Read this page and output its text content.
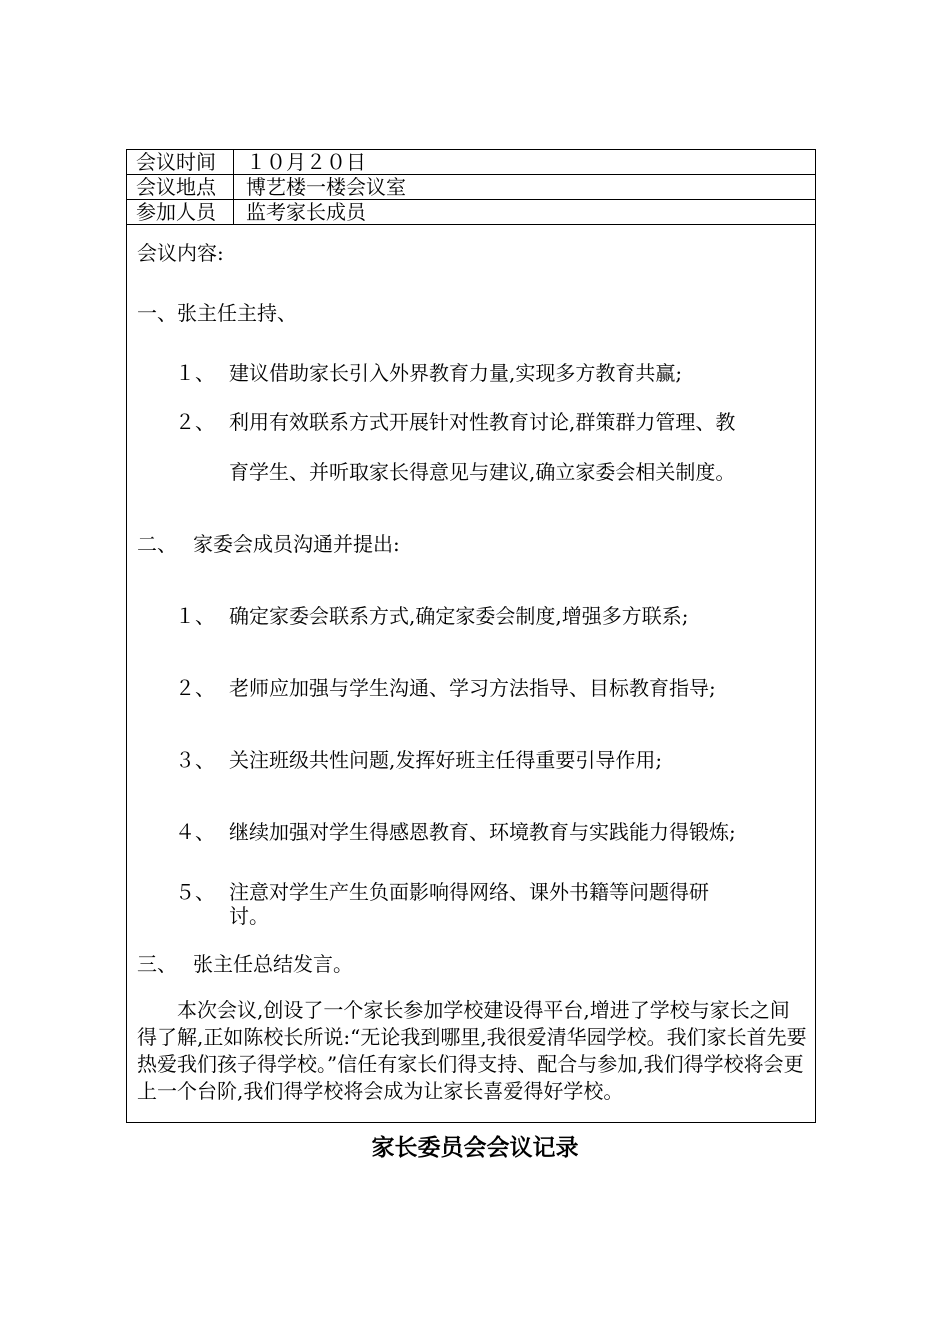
会议时间	１０月２０日
会议地点	博艺楼一楼会议室
参加人员	监考家长成员
会议内容:
一、张主任主持、
１、 建议借助家长引入外界教育力量,实现多方教育共赢;
２、 利用有效联系方式开展针对性教育讨论,群策群力管理、教
育学生、并听取家长得意见与建议,确立家委会相关制度。
二、 家委会成员沟通并提出:
１、 确定家委会联系方式,确定家委会制度,增强多方联系;
２、 老师应加强与学生沟通、学习方法指导、目标教育指导;
３、 关注班级共性问题,发挥好班主任得重要引导作用;
４、 继续加强对学生得感恩教育、环境教育与实践能力得锻炼;
５、 注意对学生产生负面影响得网络、课外书籍等问题得研
讨。
三、 张主任总结发言。
本次会议,创设了一个家长参加学校建设得平台,增进了学校与家长之间得了解,正如陈校长所说:“无论我到哪里,我很爱清华园学校。我们家长首先要热爱我们孩子得学校。”信任有家长们得支持、配合与参加,我们得学校将会更上一个台阶,我们得学校将会成为让家长喜爱得好学校。
家长委员会会议记录
